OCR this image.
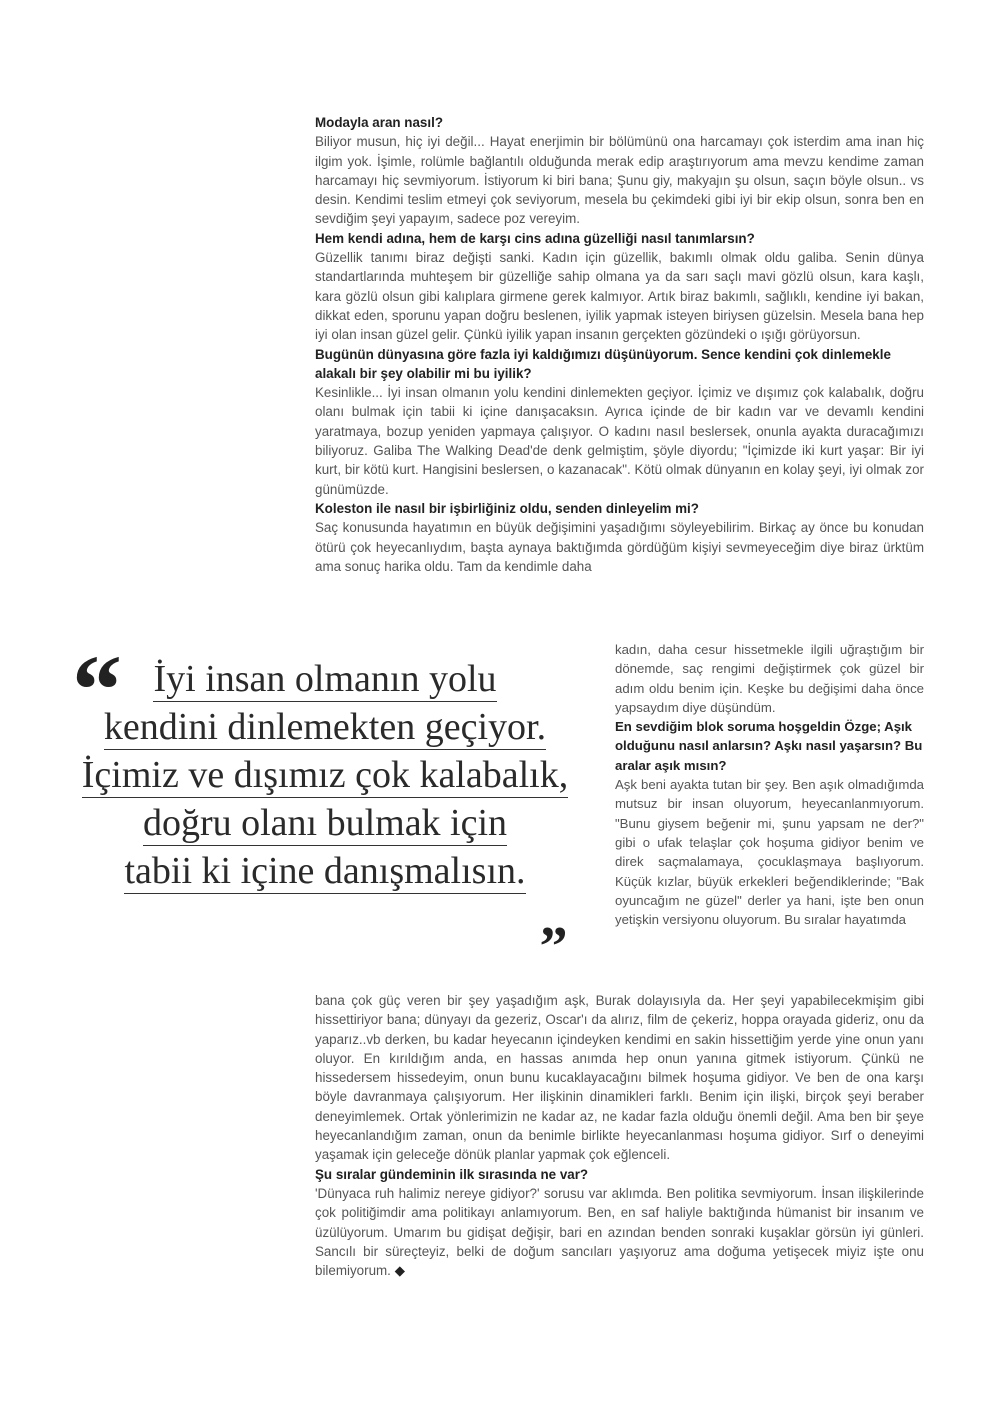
Modayla aran nasıl?

Biliyor musun, hiç iyi değil... Hayat enerjimin bir bölümünü ona harcamayı çok isterdim ama inan hiç ilgim yok. İşimle, rolümle bağlantılı olduğunda merak edip araştırıyorum ama mevzu kendime zaman harcamayı hiç sevmiyorum. İstiyorum ki biri bana; Şunu giy, makyajın şu olsun, saçın böyle olsun.. vs desin. Kendimi teslim etmeyi çok seviyorum, mesela bu çekimdeki gibi iyi bir ekip olsun, sonra ben en sevdiğim şeyi yapayım, sadece poz vereyim.

Hem kendi adına, hem de karşı cins adına güzelliği nasıl tanımlarsın?

Güzellik tanımı biraz değişti sanki. Kadın için güzellik, bakımlı olmak oldu galiba. Senin dünya standartlarında muhteşem bir güzelliğe sahip olmana ya da sarı saçlı mavi gözlü olsun, kara kaşlı, kara gözlü olsun gibi kalıplara girmene gerek kalmıyor. Artık biraz bakımlı, sağlıklı, kendine iyi bakan, dikkat eden, sporunu yapan doğru beslenen, iyilik yapmak isteyen biriysen güzelsin. Mesela bana hep iyi olan insan güzel gelir. Çünkü iyilik yapan insanın gerçekten gözündeki o ışığı görüyorsun.

Bugünün dünyasına göre fazla iyi kaldığımızı düşünüyorum. Sence kendini çok dinlemekle alakalı bir şey olabilir mi bu iyilik?

Kesinlikle... İyi insan olmanın yolu kendini dinlemekten geçiyor. İçimiz ve dışımız çok kalabalık, doğru olanı bulmak için tabii ki içine danışacaksın. Ayrıca içinde de bir kadın var ve devamlı kendini yaratmaya, bozup yeniden yapmaya çalışıyor. O kadını nasıl beslersek, onunla ayakta duracağımızı biliyoruz. Galiba The Walking Dead'de denk gelmiştim, şöyle diyordu; "İçimizde iki kurt yaşar: Bir iyi kurt, bir kötü kurt. Hangisini beslersen, o kazanacak". Kötü olmak dünyanın en kolay şeyi, iyi olmak zor günümüzde.

Koleston ile nasıl bir işbirliğiniz oldu, senden dinleyelim mi?

Saç konusunda hayatımın en büyük değişimini yaşadığımı söyleyebilirim. Birkaç ay önce bu konudan ötürü çok heyecanlıydım, başta aynaya baktığımda gördüğüm kişiyi sevmeyeceğim diye biraz ürktüm ama sonuç harika oldu. Tam da kendimle daha

kadın, daha cesur hissetmekle ilgili uğraştığım bir dönemde, saç rengimi değiştirmek çok güzel bir adım oldu benim için. Keşke bu değişimi daha önce yapsaydım diye düşündüm.

En sevdiğim blok soruma hoşgeldin Özge; Aşık olduğunu nasıl anlarsın? Aşkı nasıl yaşarsın? Bu aralar aşık mısın?

Aşk beni ayakta tutan bir şey. Ben aşık olmadığımda mutsuz bir insan oluyorum, heyecanlanmıyorum. "Bunu giysem beğenir mi, şunu yapsam ne der?" gibi o ufak telaşlar çok hoşuma gidiyor benim ve direk saçmalamaya, çocuklaşmaya başlıyorum. Küçük kızlar, büyük erkekleri beğendiklerinde; "Bak oyuncağım ne güzel" derler ya hani, işte ben onun yetişkin versiyonu oluyorum. Bu sıralar hayatımda

bana çok güç veren bir şey yaşadığım aşk, Burak dolayısıyla da. Her şeyi yapabilecekmişim gibi hissettiriyor bana; dünyayı da gezeriz, Oscar'ı da alırız, film de çekeriz, hoppa orayada gideriz, onu da yaparız..vb derken, bu kadar heyecanın içindeyken kendimi en sakin hissettiğim yerde yine onun yanı oluyor. En kırıldığım anda, en hassas anımda hep onun yanına gitmek istiyorum. Çünkü ne hissedersem hissedeyim, onun bunu kucaklayacağını bilmek hoşuma gidiyor. Ve ben de ona karşı böyle davranmaya çalışıyorum. Her ilişkinin dinamikleri farklı. Benim için ilişki, birçok şeyi beraber deneyimlemek. Ortak yönlerimizin ne kadar az, ne kadar fazla olduğu önemli değil. Ama ben bir şeye heyecanlandığım zaman, onun da benimle birlikte heyecanlanması hoşuma gidiyor. Sırf o deneyimi yaşamak için geleceğe dönük planlar yapmak çok eğlenceli.

Şu sıralar gündeminin ilk sırasında ne var?

'Dünyaca ruh halimiz nereye gidiyor?' sorusu var aklımda. Ben politika sevmiyorum. İnsan ilişkilerinde çok politiğimdir ama politikayı anlamıyorum. Ben, en saf haliyle baktığında hümanist bir insanım ve üzülüyorum. Umarım bu gidişat değişir, bari en azından benden sonraki kuşaklar görsün iyi günleri. Sancılı bir süreçteyiz, belki de doğum sancıları yaşıyoruz ama doğuma yetişecek miyiz işte onu bilemiyorum. ◆

“ İyi insan olmanın yolu
kendini dinlemekten geçiyor.
İçimiz ve dışımız çok kalabalık,
doğru olanı bulmak için
tabii ki içine danışmalısın.
„
